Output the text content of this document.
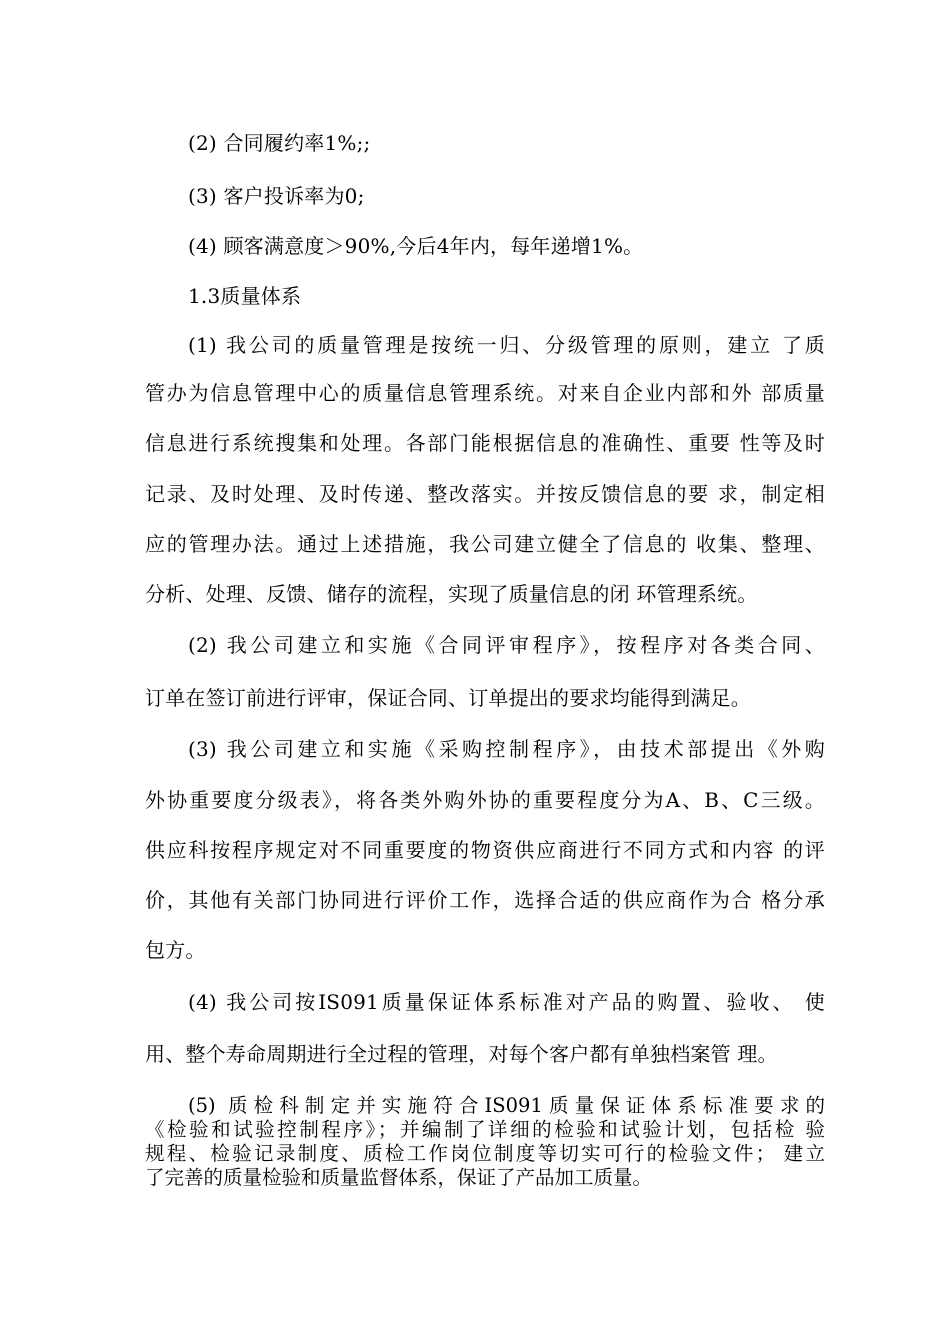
(2) 合同履约率1%;;
(3) 客户投诉率为0;
(4) 顾客满意度＞90%,今后4年内，每年递增1%。
1.3质量体系
(1) 我公司的质量管理是按统一归、分级管理的原则，建立 了质
管办为信息管理中心的质量信息管理系统。对来自企业内部和外 部质量
信息进行系统搜集和处理。各部门能根据信息的准确性、重要 性等及时
记录、及时处理、及时传递、整改落实。并按反馈信息的要 求，制定相
应的管理办法。通过上述措施，我公司建立健全了信息的 收集、整理、
分析、处理、反馈、储存的流程，实现了质量信息的闭 环管理系统。
(2) 我公司建立和实施《合同评审程序》，按程序对各类合同、
订单在签订前进行评审，保证合同、订单提出的要求均能得到满足。
(3) 我公司建立和实施《采购控制程序》，由技术部提出《外购
外协重要度分级表》，将各类外购外协的重要程度分为A、B、C三级。
供应科按程序规定对不同重要度的物资供应商进行不同方式和内容 的评
价，其他有关部门协同进行评价工作，选择合适的供应商作为合 格分承
包方。
(4) 我公司按IS091质量保证体系标准对产品的购置、验收、 使
用、整个寿命周期进行全过程的管理，对每个客户都有单独档案管 理。
(5) 质检科制定并实施符合IS091质量保证体系标准要求的
《检验和试验控制程序》；并编制了详细的检验和试验计划，包括检 验
规程、检验记录制度、质检工作岗位制度等切实可行的检验文件； 建立
了完善的质量检验和质量监督体系，保证了产品加工质量。
